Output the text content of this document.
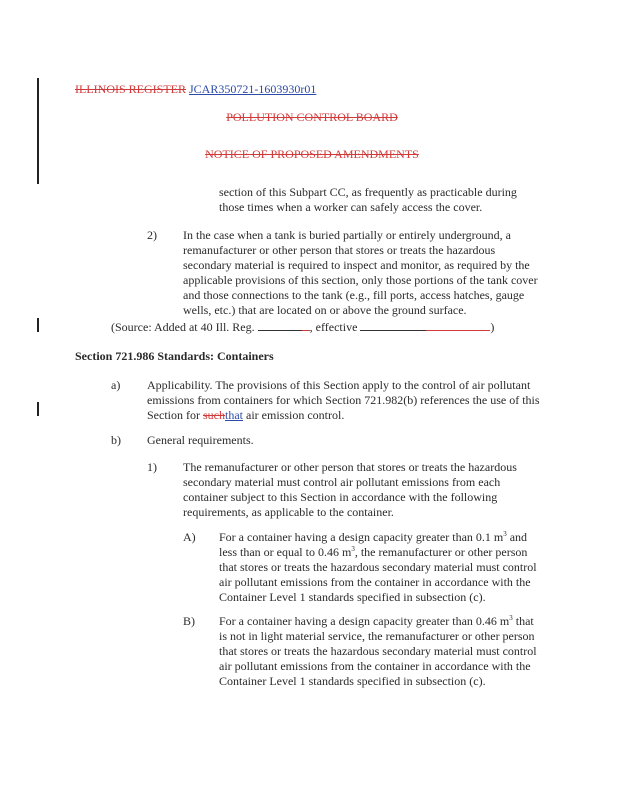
ILLINOIS REGISTER JCAR350721-1603930r01
POLLUTION CONTROL BOARD
NOTICE OF PROPOSED AMENDMENTS
section of this Subpart CC, as frequently as practicable during
those times when a worker can safely access the cover.
2) In the case when a tank is buried partially or entirely underground, a
remanufacturer or other person that stores or treats the hazardous
secondary material is required to inspect and monitor, as required by the
applicable provisions of this section, only those portions of the tank cover
and those connections to the tank (e.g., fill ports, access hatches, gauge
wells, etc.) that are located on or above the ground surface.
(Source: Added at 40 Ill. Reg.	, effective	)
Section 721.986 Standards: Containers
a) Applicability. The provisions of this Section apply to the control of air pollutant
emissions from containers for which Section 721.982(b) references the use of this
Section for suchthat air emission control.
b) General requirements.
1) The remanufacturer or other person that stores or treats the hazardous
secondary material must control air pollutant emissions from each
container subject to this Section in accordance with the following
requirements, as applicable to the container.
A) For a container having a design capacity greater than 0.1 $m^3$ and
less than or equal to 0.46 $m^3$, the remanufacturer or other person
that stores or treats the hazardous secondary material must control
air pollutant emissions from the container in accordance with the
Container Level 1 standards specified in subsection (c).
B) For a container having a design capacity greater than 0.46 $m^3$ that
is not in light material service, the remanufacturer or other person
that stores or treats the hazardous secondary material must control
air pollutant emissions from the container in accordance with the
Container Level 1 standards specified in subsection (c).
